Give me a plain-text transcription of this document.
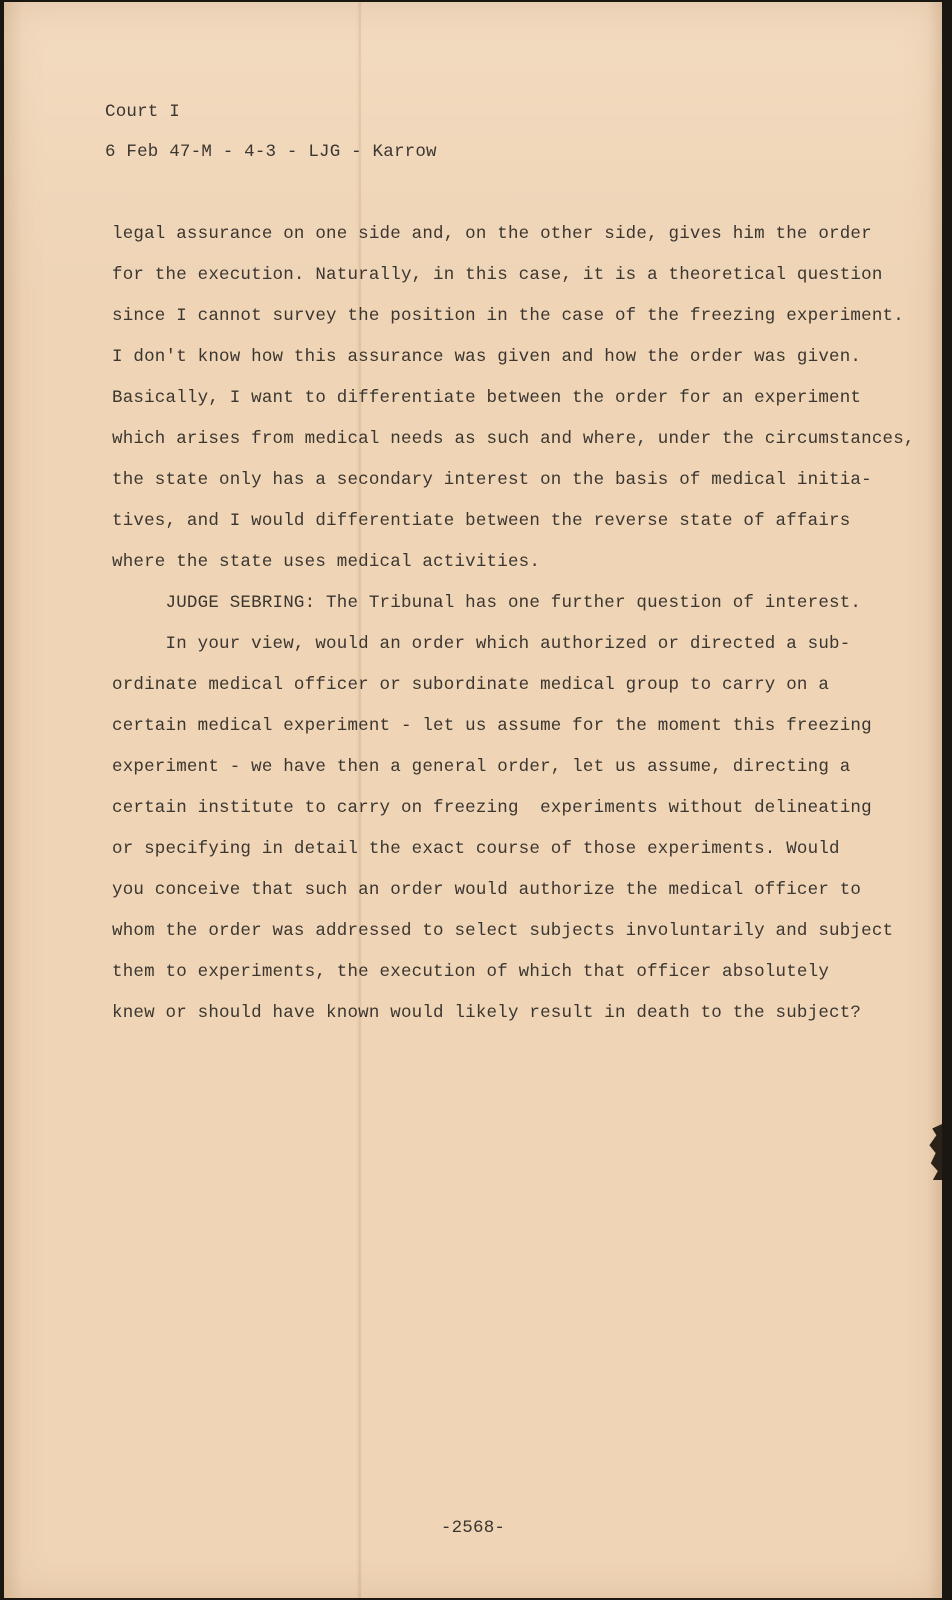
Court I
6 Feb 47-M - 4-3 - LJG - Karrow
legal assurance on one side and, on the other side, gives him the order
for the execution. Naturally, in this case, it is a theoretical question
since I cannot survey the position in the case of the freezing experiment.
I don't know how this assurance was given and how the order was given.
Basically, I want to differentiate between the order for an experiment
which arises from medical needs as such and where, under the circumstances,
the state only has a secondary interest on the basis of medical initia-
tives, and I would differentiate between the reverse state of affairs
where the state uses medical activities.
JUDGE SEBRING: The Tribunal has one further question of interest.
In your view, would an order which authorized or directed a sub-
ordinate medical officer or subordinate medical group to carry on a
certain medical experiment - let us assume for the moment this freezing
experiment - we have then a general order, let us assume, directing a
certain institute to carry on freezing  experiments without delineating
or specifying in detail the exact course of those experiments. Would
you conceive that such an order would authorize the medical officer to
whom the order was addressed to select subjects involuntarily and subject
them to experiments, the execution of which that officer absolutely
knew or should have known would likely result in death to the subject?
-2568-
